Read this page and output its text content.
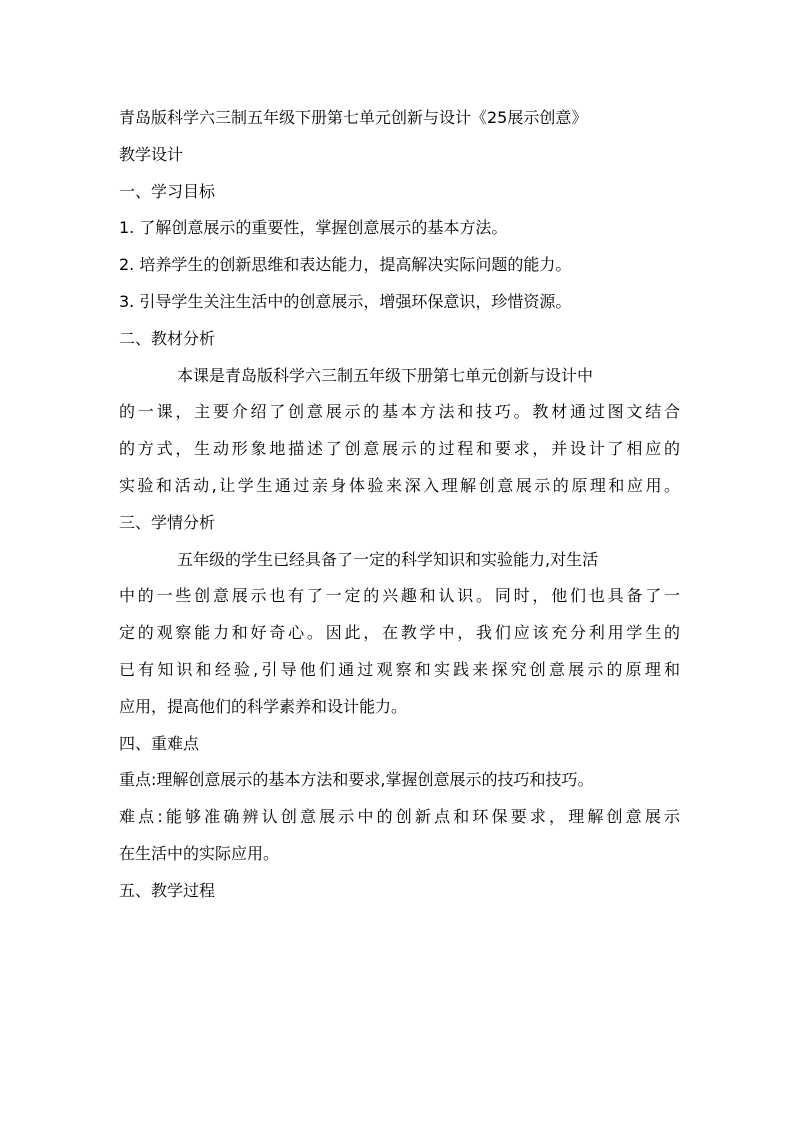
青岛版科学六三制五年级下册第七单元创新与设计《25展示创意》
教学设计
一、学习目标
1. 了解创意展示的重要性，掌握创意展示的基本方法。
2. 培养学生的创新思维和表达能力，提高解决实际问题的能力。
3. 引导学生关注生活中的创意展示，增强环保意识，珍惜资源。
二、教材分析
本课是青岛版科学六三制五年级下册第七单元创新与设计中
的一课，主要介绍了创意展示的基本方法和技巧。教材通过图文结合
的方式，生动形象地描述了创意展示的过程和要求，并设计了相应的
实验和活动,让学生通过亲身体验来深入理解创意展示的原理和应用。
三、学情分析
五年级的学生已经具备了一定的科学知识和实验能力,对生活
中的一些创意展示也有了一定的兴趣和认识。同时，他们也具备了一
定的观察能力和好奇心。因此，在教学中，我们应该充分利用学生的
已有知识和经验,引导他们通过观察和实践来探究创意展示的原理和
应用，提高他们的科学素养和设计能力。
四、重难点
重点:理解创意展示的基本方法和要求,掌握创意展示的技巧和技巧。
难点:能够准确辨认创意展示中的创新点和环保要求，理解创意展示
在生活中的实际应用。
五、教学过程
